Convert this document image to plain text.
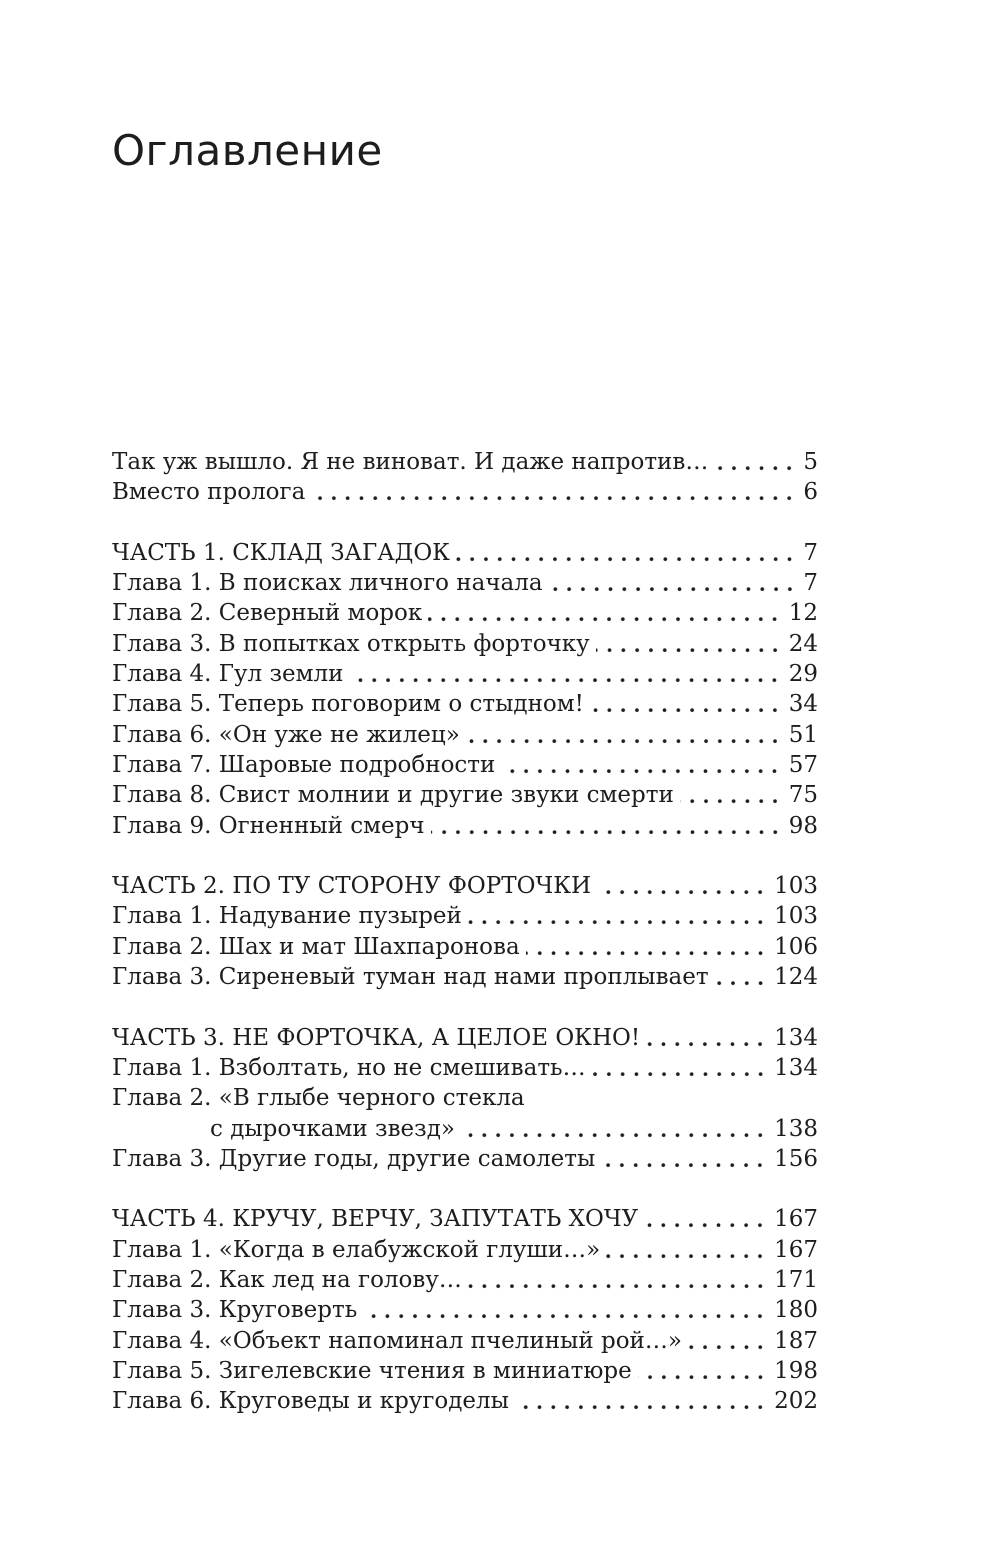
Оглавление
Так уж вышло. Я не виноват. И даже напротив…	5
Вместо пролога	6
ЧАСТЬ 1. СКЛАД ЗАГАДОК	7
Глава 1. В поисках личного начала	7
Глава 2. Северный морок	12
Глава 3. В попытках открыть форточку	24
Глава 4. Гул земли	29
Глава 5. Теперь поговорим о стыдном!	34
Глава 6. «Он уже не жилец»	51
Глава 7. Шаровые подробности	57
Глава 8. Свист молнии и другие звуки смерти	75
Глава 9. Огненный смерч	98
ЧАСТЬ 2. ПО ТУ СТОРОНУ ФОРТОЧКИ	103
Глава 1. Надувание пузырей	103
Глава 2. Шах и мат Шахпаронова	106
Глава 3. Сиреневый туман над нами проплывает	124
ЧАСТЬ 3. НЕ ФОРТОЧКА, А ЦЕЛОЕ ОКНО!	134
Глава 1. Взболтать, но не смешивать…	134
Глава 2. «В глыбе черного стекла
с дырочками звезд»	138
Глава 3. Другие годы, другие самолеты	156
ЧАСТЬ 4. КРУЧУ, ВЕРЧУ, ЗАПУТАТЬ ХОЧУ	167
Глава 1. «Когда в елабужской глуши…»	167
Глава 2. Как лед на голову…	171
Глава 3. Круговерть	180
Глава 4. «Объект напоминал пчелиный рой…»	187
Глава 5. Зигелевские чтения в миниатюре	198
Глава 6. Круговеды и кругоделы	202
